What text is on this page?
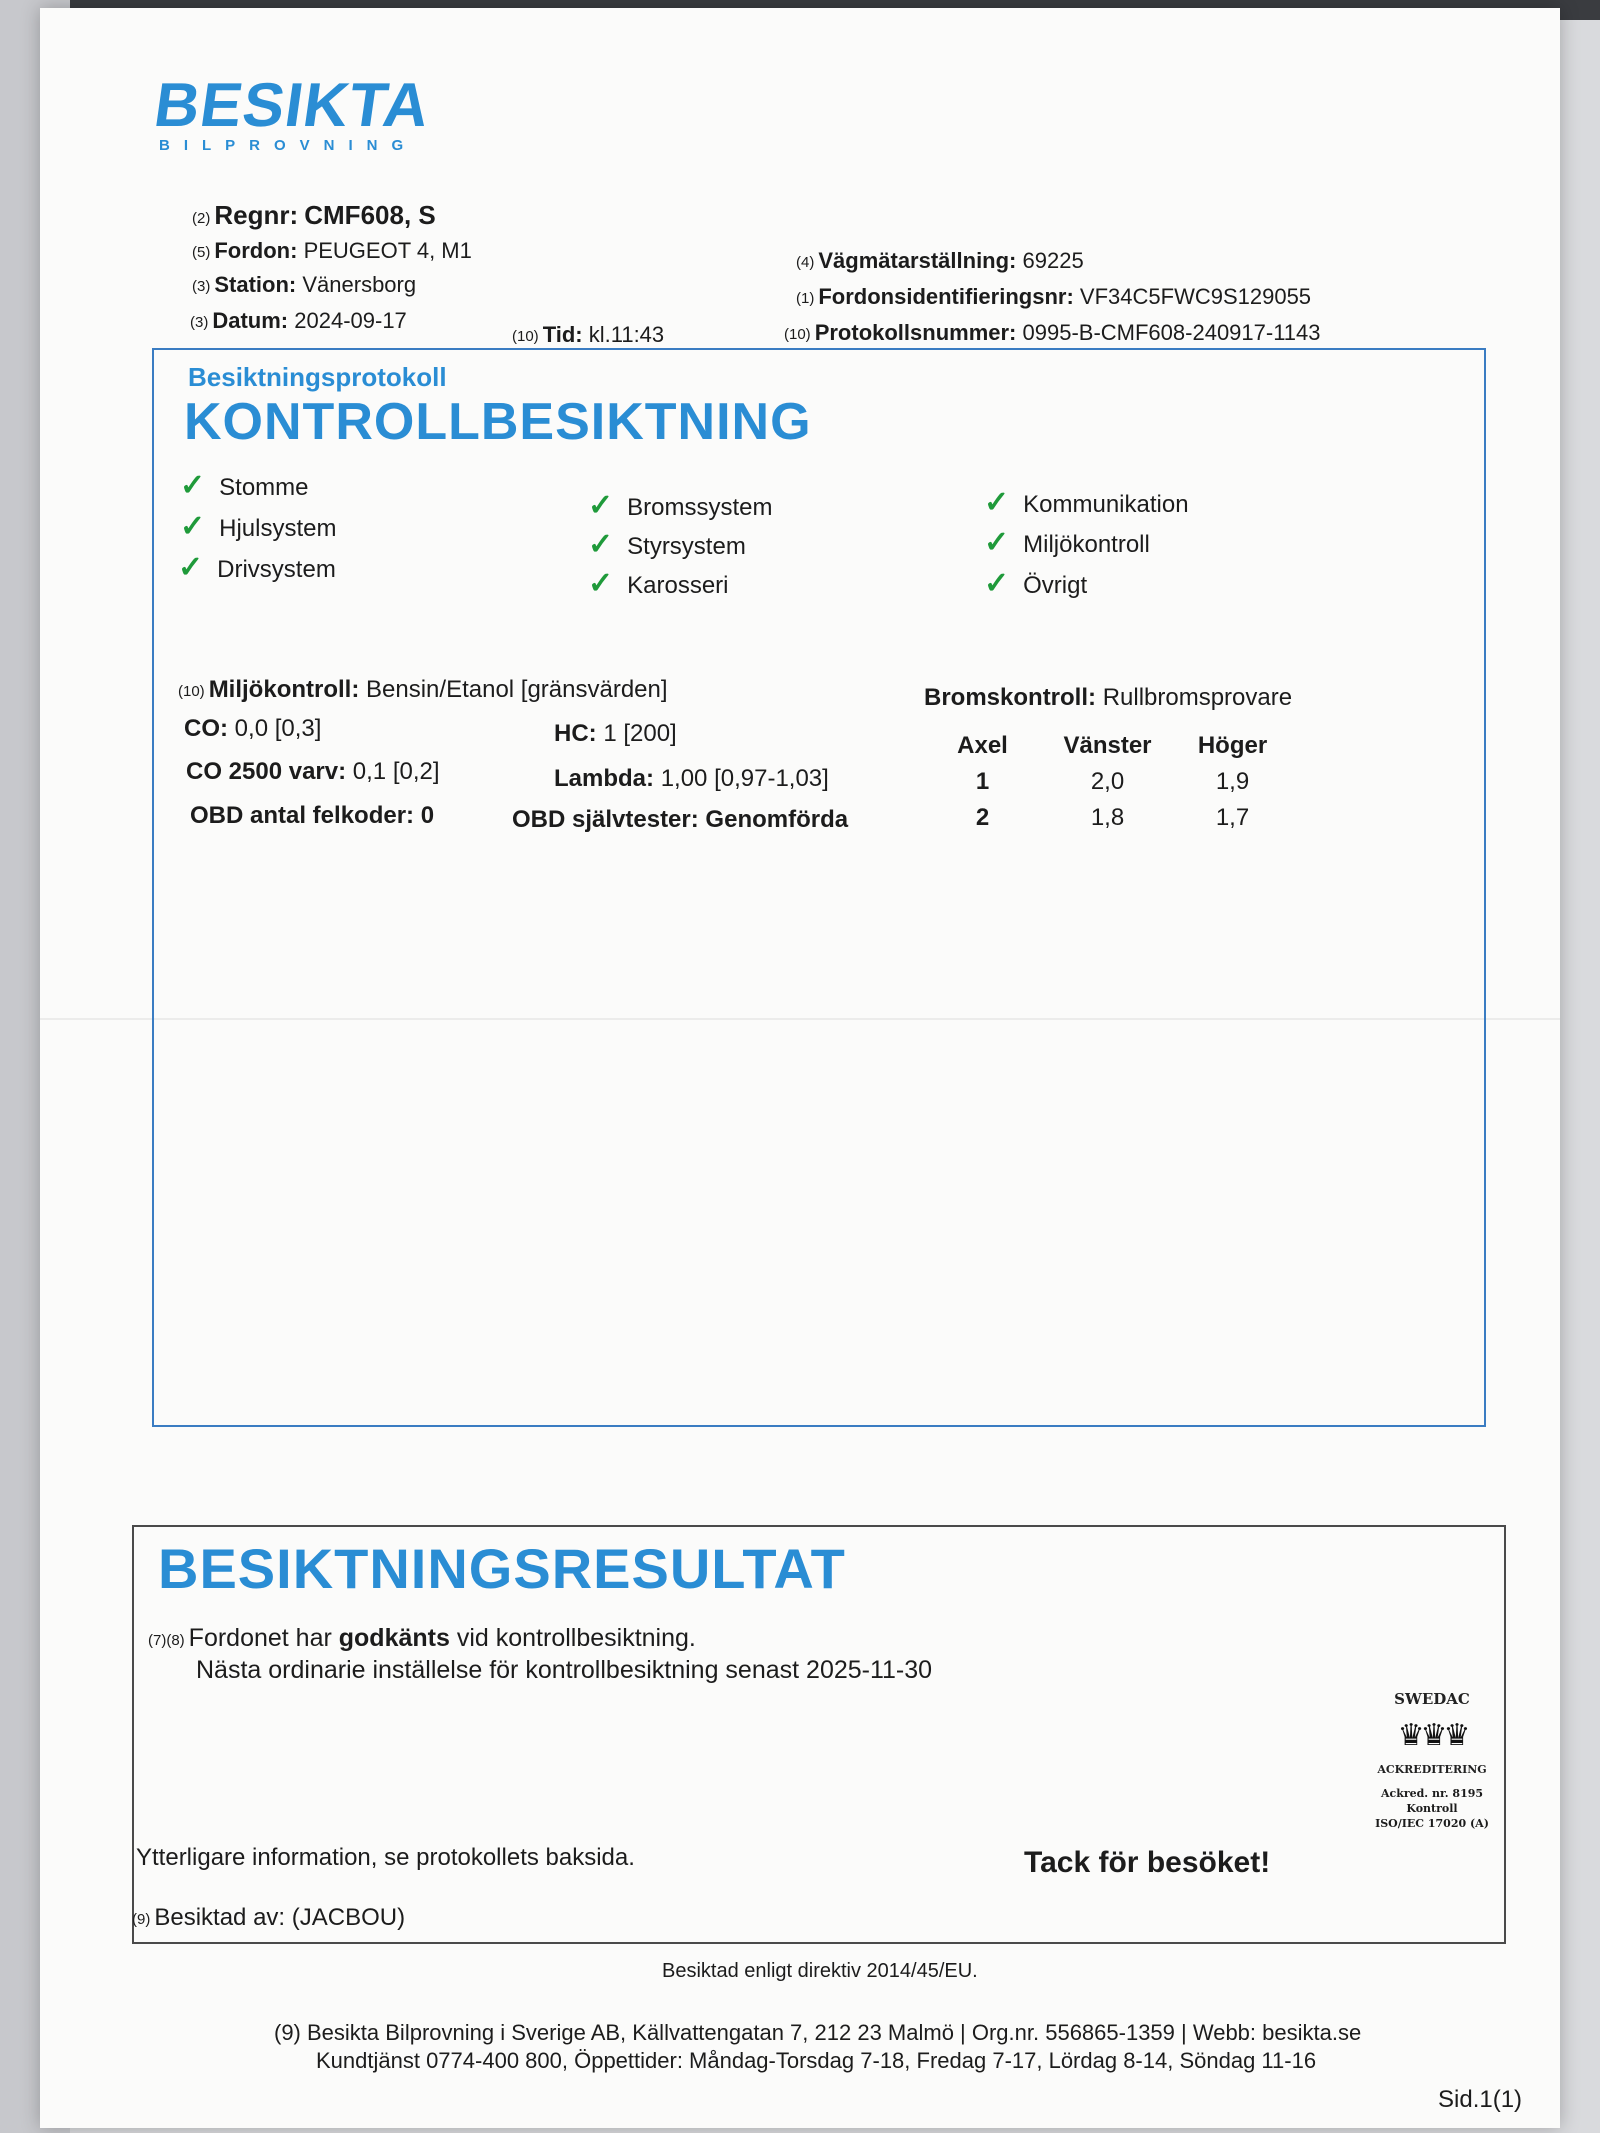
BESIKTA
BILPROVNING
(2) Regnr: CMF608, S
(5) Fordon: PEUGEOT 4, M1
(3) Station: Vänersborg
(3) Datum: 2024-09-17
(10) Tid: kl.11:43
(4) Vägmätarställning: 69225
(1) Fordonsidentifieringsnr: VF34C5FWC9S129055
(10) Protokollsnummer: 0995-B-CMF608-240917-1143
Besiktningsprotokoll
KONTROLLBESIKTNING
✓ Stomme
✓ Hjulsystem
✓ Drivsystem
✓ Bromssystem
✓ Styrsystem
✓ Karosseri
✓ Kommunikation
✓ Miljökontroll
✓ Övrigt
(10) Miljökontroll: Bensin/Etanol [gränsvärden]
CO: 0,0 [0,3]	HC: 1 [200]
CO 2500 varv: 0,1 [0,2]	Lambda: 1,00 [0,97-1,03]
OBD antal felkoder: 0	OBD självtester: Genomförda
Bromskontroll: Rullbromsprovare
Axel	Vänster	Höger
1	2,0	1,9
2	1,8	1,7
BESIKTNINGSRESULTAT
(7)(8) Fordonet har godkänts vid kontrollbesiktning.
Nästa ordinarie inställelse för kontrollbesiktning senast 2025-11-30
Ytterligare information, se protokollets baksida.	Tack för besöket!
(9) Besiktad av: (JACBOU)
SWEDAC
♛♛♛
ACKREDITERING
Ackred. nr. 8195
Kontroll
ISO/IEC 17020 (A)
Besiktad enligt direktiv 2014/45/EU.
(9) Besikta Bilprovning i Sverige AB, Källvattengatan 7, 212 23 Malmö | Org.nr. 556865-1359 | Webb: besikta.se
Kundtjänst 0774-400 800, Öppettider: Måndag-Torsdag 7-18, Fredag 7-17, Lördag 8-14, Söndag 11-16
Sid.1(1)
